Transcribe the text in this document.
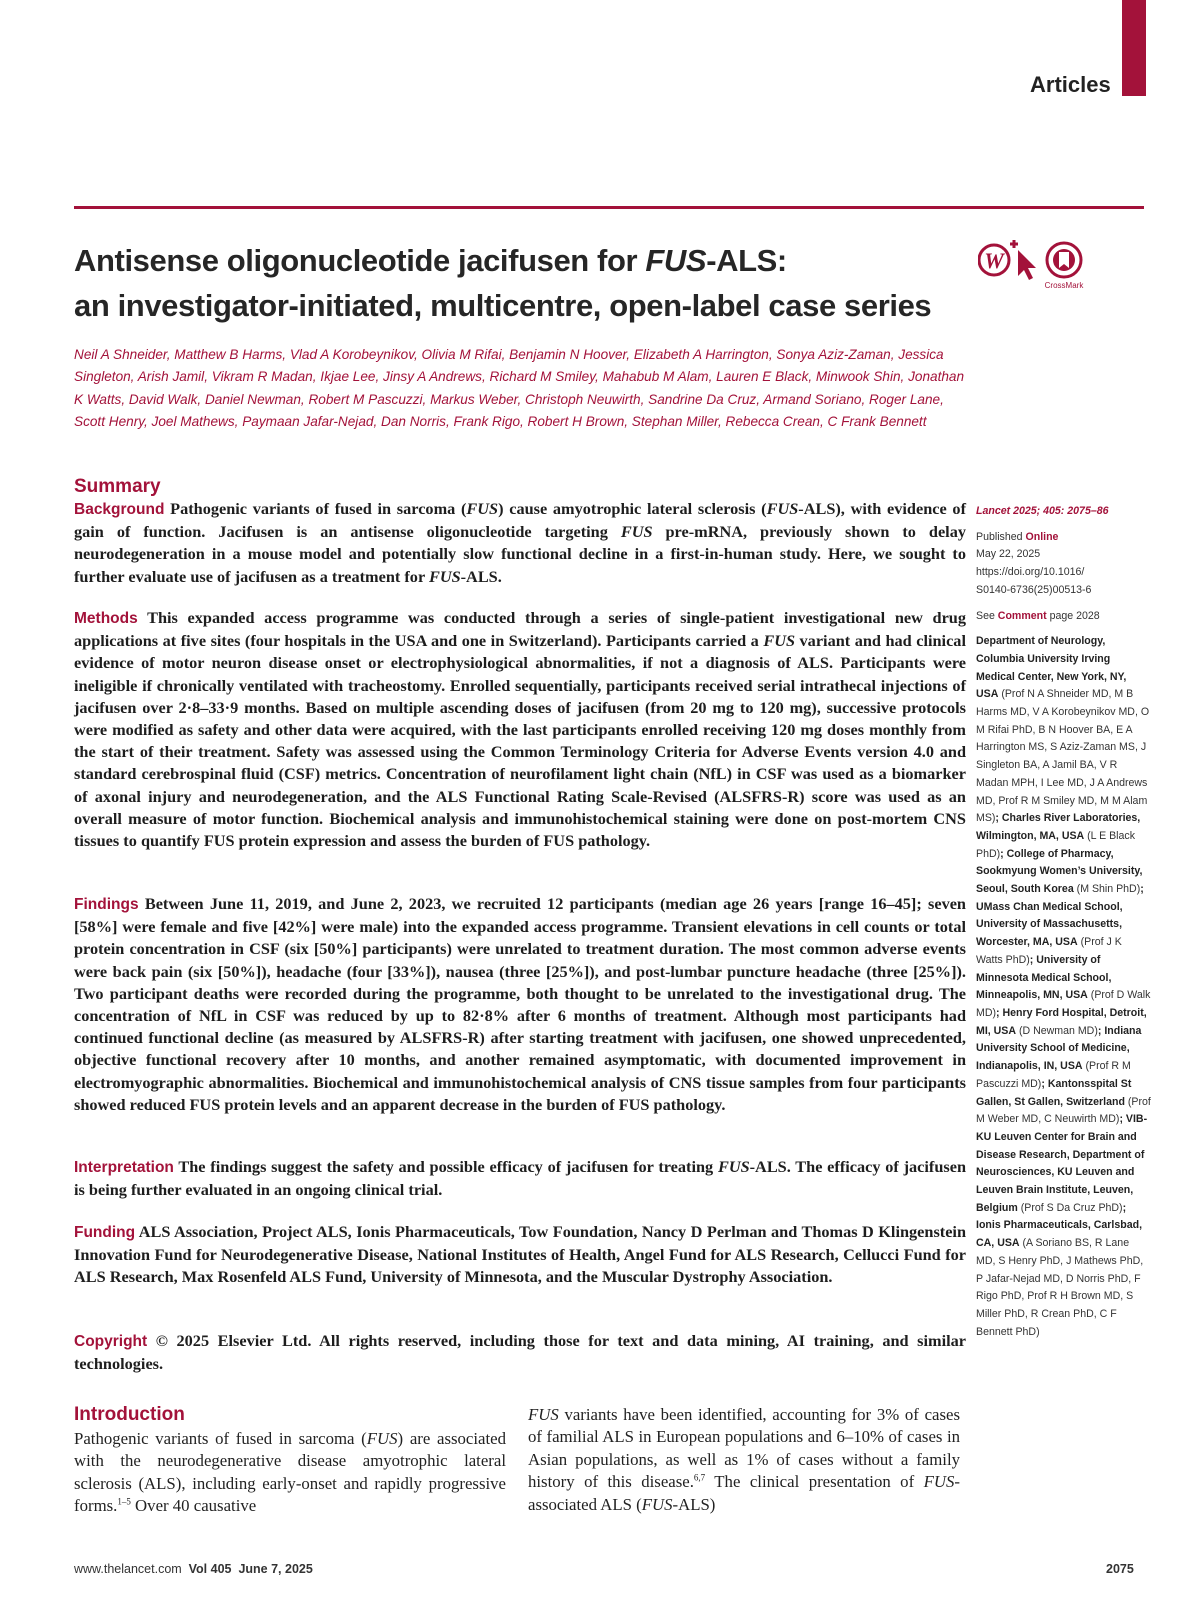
Articles
Antisense oligonucleotide jacifusen for FUS-ALS:
an investigator-initiated, multicentre, open-label case series
W
CrossMark
Neil A Shneider, Matthew B Harms, Vlad A Korobeynikov, Olivia M Rifai, Benjamin N Hoover, Elizabeth A Harrington, Sonya Aziz-Zaman, Jessica Singleton, Arish Jamil, Vikram R Madan, Ikjae Lee, Jinsy A Andrews, Richard M Smiley, Mahabub M Alam, Lauren E Black, Minwook Shin, Jonathan K Watts, David Walk, Daniel Newman, Robert M Pascuzzi, Markus Weber, Christoph Neuwirth, Sandrine Da Cruz, Armand Soriano, Roger Lane, Scott Henry, Joel Mathews, Paymaan Jafar-Nejad, Dan Norris, Frank Rigo, Robert H Brown, Stephan Miller, Rebecca Crean, C Frank Bennett
Summary
Background Pathogenic variants of fused in sarcoma (FUS) cause amyotrophic lateral sclerosis (FUS-ALS), with evidence of gain of function. Jacifusen is an antisense oligonucleotide targeting FUS pre-mRNA, previously shown to delay neurodegeneration in a mouse model and potentially slow functional decline in a first-in-human study. Here, we sought to further evaluate use of jacifusen as a treatment for FUS-ALS.
Methods This expanded access programme was conducted through a series of single-patient investigational new drug applications at five sites (four hospitals in the USA and one in Switzerland). Participants carried a FUS variant and had clinical evidence of motor neuron disease onset or electrophysiological abnormalities, if not a diagnosis of ALS. Participants were ineligible if chronically ventilated with tracheostomy. Enrolled sequentially, participants received serial intrathecal injections of jacifusen over 2·8–33·9 months. Based on multiple ascending doses of jacifusen (from 20 mg to 120 mg), successive protocols were modified as safety and other data were acquired, with the last participants enrolled receiving 120 mg doses monthly from the start of their treatment. Safety was assessed using the Common Terminology Criteria for Adverse Events version 4.0 and standard cerebrospinal fluid (CSF) metrics. Concentration of neurofilament light chain (NfL) in CSF was used as a biomarker of axonal injury and neurodegeneration, and the ALS Functional Rating Scale-Revised (ALSFRS-R) score was used as an overall measure of motor function. Biochemical analysis and immunohistochemical staining were done on post-mortem CNS tissues to quantify FUS protein expression and assess the burden of FUS pathology.
Findings Between June 11, 2019, and June 2, 2023, we recruited 12 participants (median age 26 years [range 16–45]; seven [58%] were female and five [42%] were male) into the expanded access programme. Transient elevations in cell counts or total protein concentration in CSF (six [50%] participants) were unrelated to treatment duration. The most common adverse events were back pain (six [50%]), headache (four [33%]), nausea (three [25%]), and post-lumbar puncture headache (three [25%]). Two participant deaths were recorded during the programme, both thought to be unrelated to the investigational drug. The concentration of NfL in CSF was reduced by up to 82·8% after 6 months of treatment. Although most participants had continued functional decline (as measured by ALSFRS-R) after starting treatment with jacifusen, one showed unprecedented, objective functional recovery after 10 months, and another remained asymptomatic, with documented improvement in electromyographic abnormalities. Biochemical and immunohistochemical analysis of CNS tissue samples from four participants showed reduced FUS protein levels and an apparent decrease in the burden of FUS pathology.
Interpretation The findings suggest the safety and possible efficacy of jacifusen for treating FUS-ALS. The efficacy of jacifusen is being further evaluated in an ongoing clinical trial.
Funding ALS Association, Project ALS, Ionis Pharmaceuticals, Tow Foundation, Nancy D Perlman and Thomas D Klingenstein Innovation Fund for Neurodegenerative Disease, National Institutes of Health, Angel Fund for ALS Research, Cellucci Fund for ALS Research, Max Rosenfeld ALS Fund, University of Minnesota, and the Muscular Dystrophy Association.
Copyright © 2025 Elsevier Ltd. All rights reserved, including those for text and data mining, AI training, and similar technologies.
Introduction
Pathogenic variants of fused in sarcoma (FUS) are associated with the neurodegenerative disease amyotrophic lateral sclerosis (ALS), including early-onset and rapidly progressive forms.$^{1-5}$ Over 40 causative
FUS variants have been identified, accounting for 3% of cases of familial ALS in European populations and 6–10% of cases in Asian populations, as well as 1% of cases without a family history of this disease.$^{6,7}$ The clinical presentation of FUS-associated ALS (FUS-ALS)
Lancet 2025; 405: 2075–86
Published Online
May 22, 2025
https://doi.org/10.1016/
S0140-6736(25)00513-6
See Comment page 2028
Department of Neurology, Columbia University Irving Medical Center, New York, NY, USA (Prof N A Shneider MD, M B Harms MD, V A Korobeynikov MD, O M Rifai PhD, B N Hoover BA, E A Harrington MS, S Aziz-Zaman MS, J Singleton BA, A Jamil BA, V R Madan MPH, I Lee MD, J A Andrews MD, Prof R M Smiley MD, M M Alam MS); Charles River Laboratories, Wilmington, MA, USA (L E Black PhD); College of Pharmacy, Sookmyung Women’s University, Seoul, South Korea (M Shin PhD); UMass Chan Medical School, University of Massachusetts, Worcester, MA, USA (Prof J K Watts PhD); University of Minnesota Medical School, Minneapolis, MN, USA (Prof D Walk MD); Henry Ford Hospital, Detroit, MI, USA (D Newman MD); Indiana University School of Medicine, Indianapolis, IN, USA (Prof R M Pascuzzi MD); Kantonsspital St Gallen, St Gallen, Switzerland (Prof M Weber MD, C Neuwirth MD); VIB-KU Leuven Center for Brain and Disease Research, Department of Neurosciences, KU Leuven and Leuven Brain Institute, Leuven, Belgium (Prof S Da Cruz PhD); Ionis Pharmaceuticals, Carlsbad, CA, USA (A Soriano BS, R Lane MD, S Henry PhD, J Mathews PhD, P Jafar-Nejad MD, D Norris PhD, F Rigo PhD, Prof R H Brown MD, S Miller PhD, R Crean PhD, C F Bennett PhD)
www.thelancet.com Vol 405 June 7, 2025	2075
